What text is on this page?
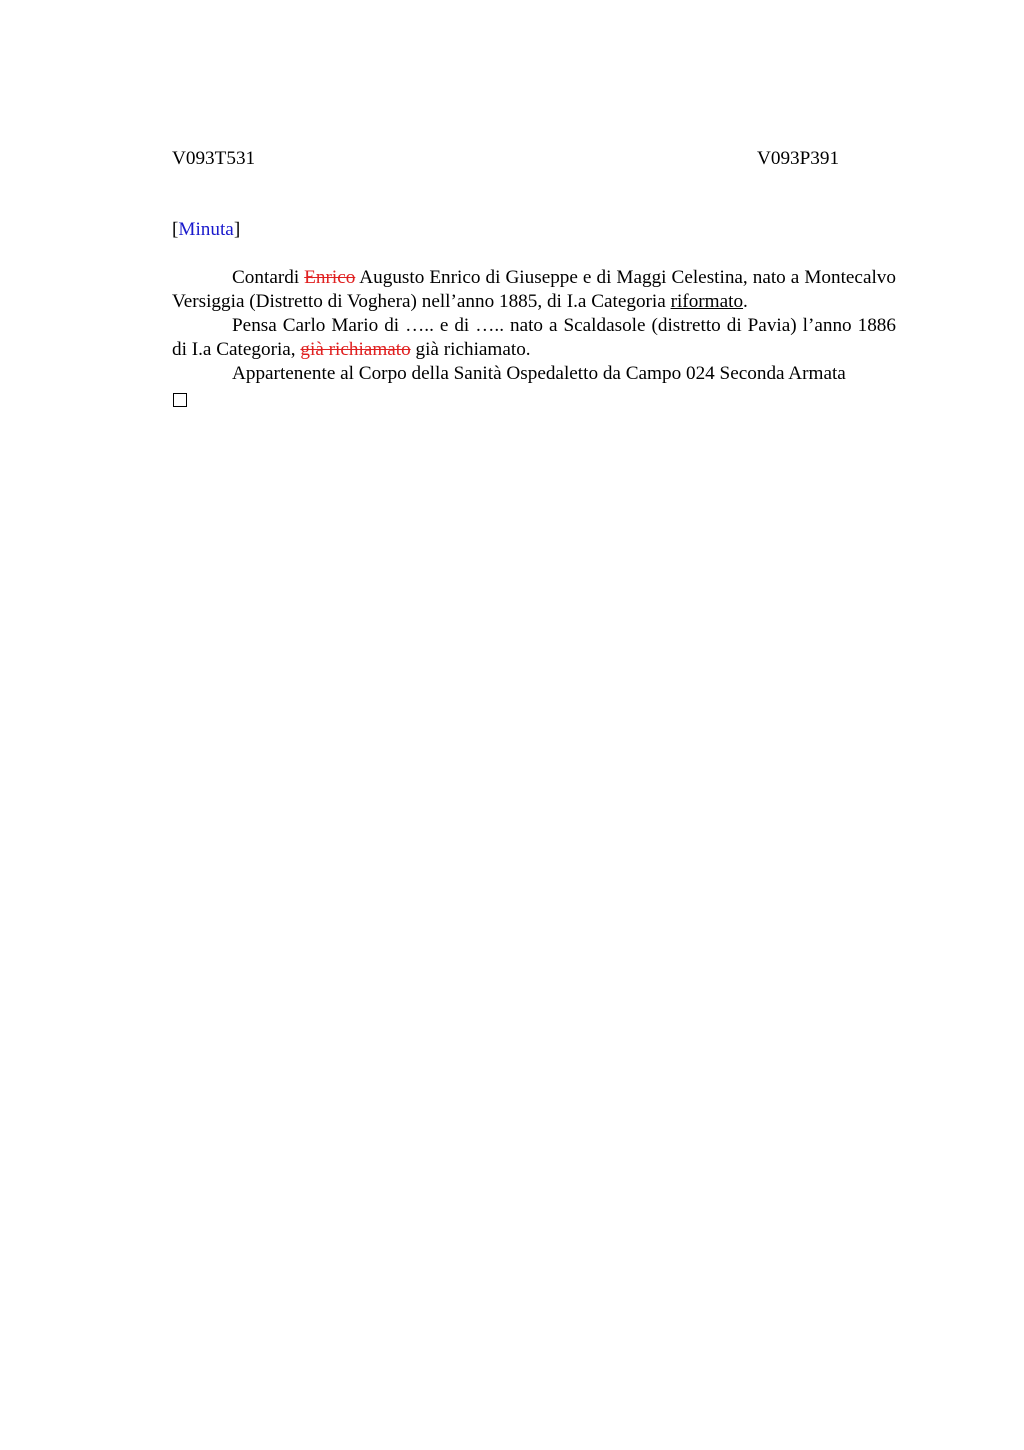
V093T531	V093P391
[Minuta]

Contardi Enrico Augusto Enrico di Giuseppe e di Maggi Celestina, nato a Montecalvo Versiggia (Distretto di Voghera) nell’anno 1885, di I.a Categoria riformato.

Pensa Carlo Mario di ….. e di ….. nato a Scaldasole (distretto di Pavia) l’anno 1886 di I.a Categoria, già richiamato già richiamato.

Appartenente al Corpo della Sanità Ospedaletto da Campo 024 Seconda Armata
